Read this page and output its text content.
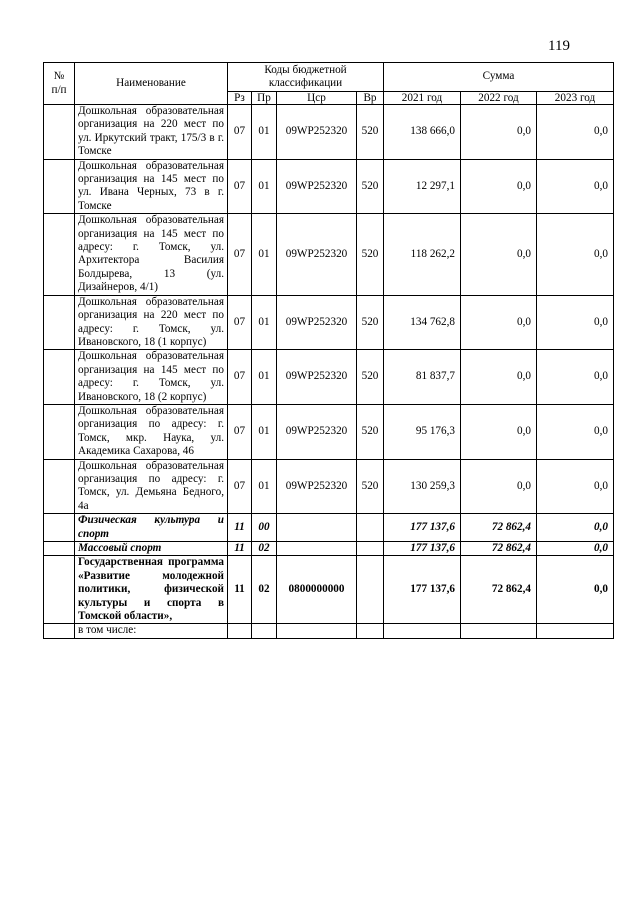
119
№
п/п	Наименование	Коды бюджетной классификации				Сумма		
		Рз	Пр	Цср	Вр	2021 год	2022 год	2023 год
	Дошкольная образовательная организация на 220 мест по ул. Иркутский тракт, 175/3 в г. Томске	07	01	09WP252320	520	138 666,0	0,0	0,0
	Дошкольная образовательная организация на 145 мест по ул. Ивана Черных, 73 в г. Томске	07	01	09WP252320	520	12 297,1	0,0	0,0
	Дошкольная образовательная организация на 145 мест по адресу: г. Томск, ул. Архитектора Василия Болдырева, 13 (ул. Дизайнеров, 4/1)	07	01	09WP252320	520	118 262,2	0,0	0,0
	Дошкольная образовательная организация на 220 мест по адресу: г. Томск, ул. Ивановского, 18 (1 корпус)	07	01	09WP252320	520	134 762,8	0,0	0,0
	Дошкольная образовательная организация на 145 мест по адресу: г. Томск, ул. Ивановского, 18 (2 корпус)	07	01	09WP252320	520	81 837,7	0,0	0,0
	Дошкольная образовательная организация по адресу: г. Томск, мкр. Наука, ул. Академика Сахарова, 46	07	01	09WP252320	520	95 176,3	0,0	0,0
	Дошкольная образовательная организация по адресу: г. Томск, ул. Демьяна Бедного, 4а	07	01	09WP252320	520	130 259,3	0,0	0,0
	Физическая культура и спорт	11	00			177 137,6	72 862,4	0,0
	Массовый спорт	11	02			177 137,6	72 862,4	0,0
	Государственная программа «Развитие молодежной политики, физической культуры и спорта в Томской области»,	11	02	0800000000		177 137,6	72 862,4	0,0
	в том числе:							
